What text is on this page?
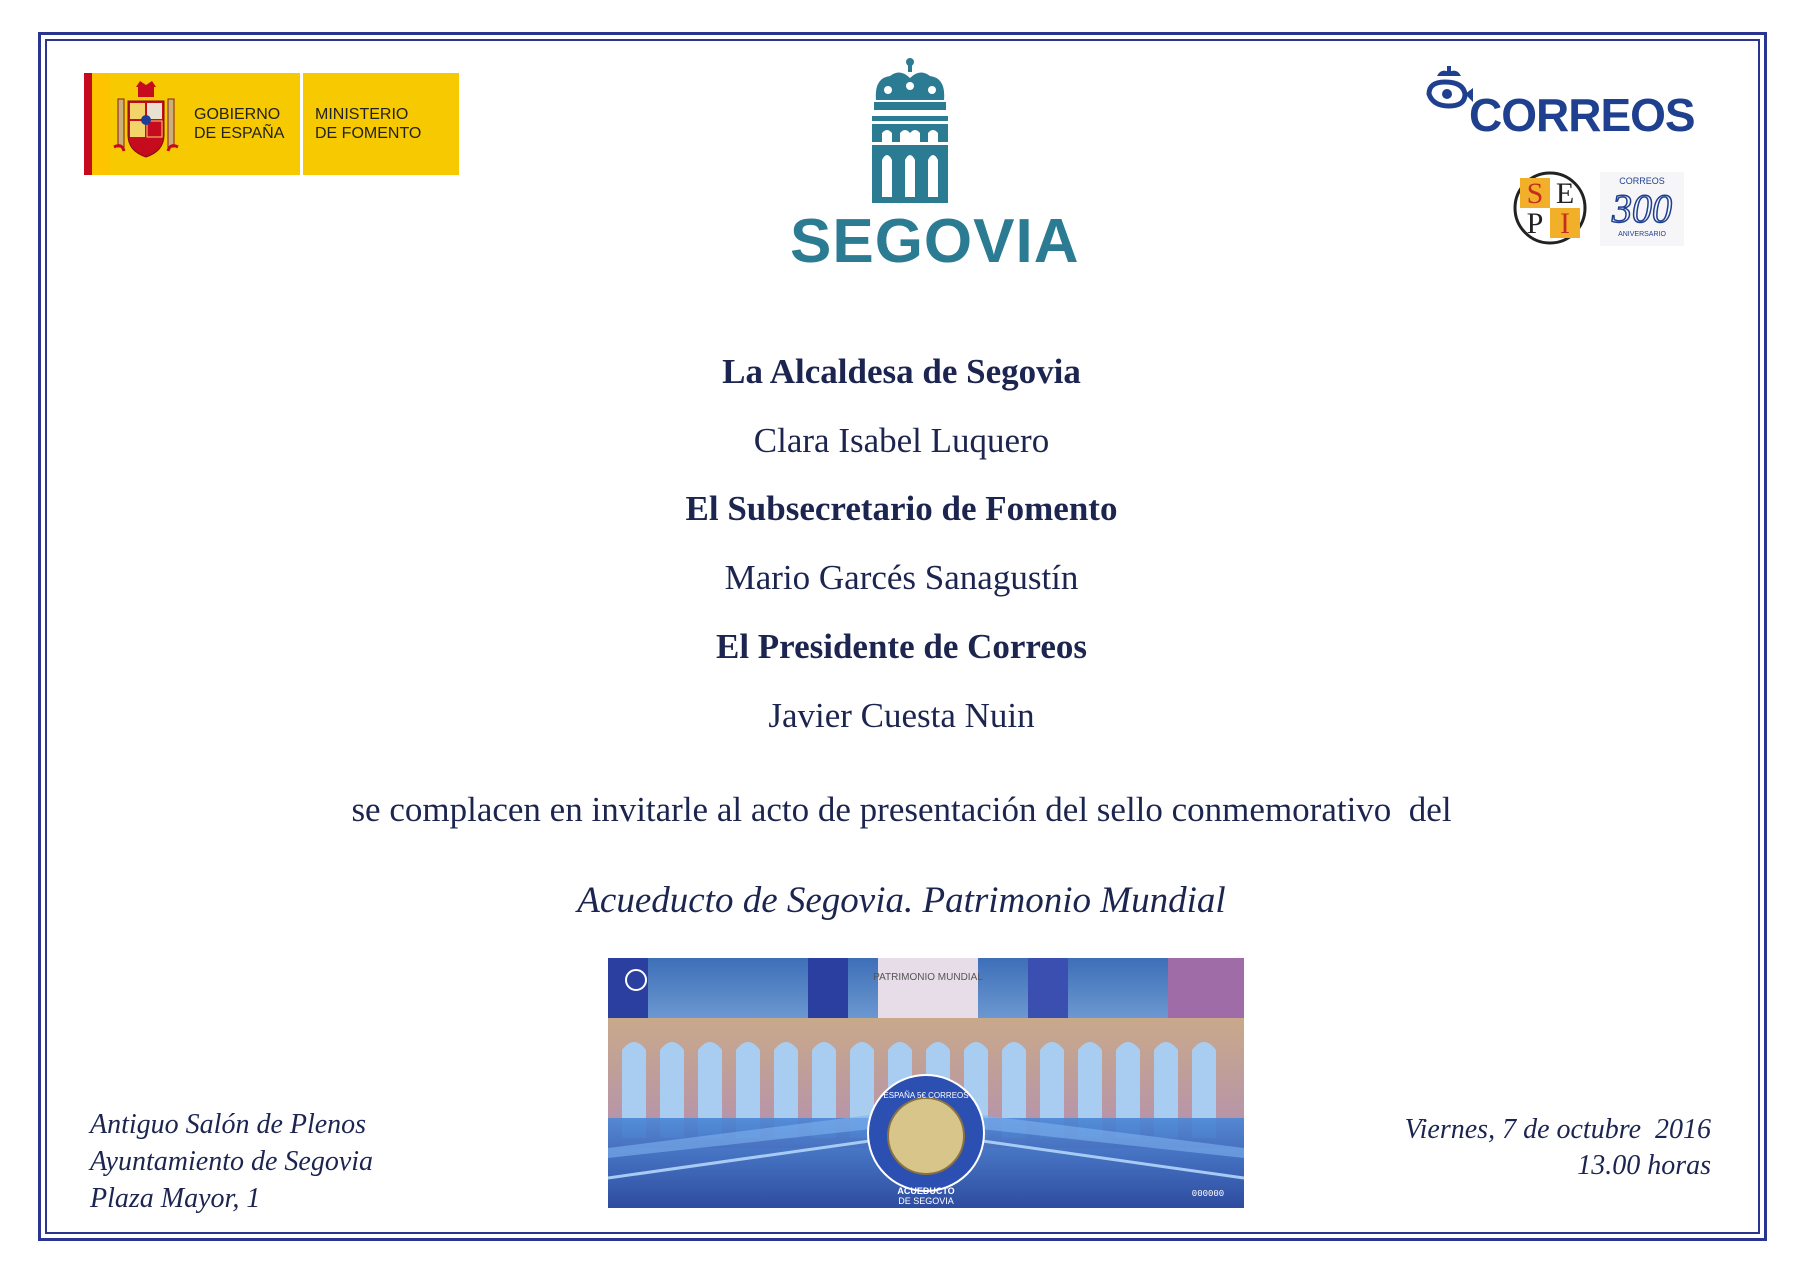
GOBIERNO
DE ESPAÑA
MINISTERIO
DE FOMENTO
SEGOVIA
CORREOS
S E
P I
CORREOS
300
ANIVERSARIO
La Alcaldesa de Segovia
Clara Isabel Luquero
El Subsecretario de Fomento
Mario Garcés Sanagustín
El Presidente de Correos
Javier Cuesta Nuin
se complacen en invitarle al acto de presentación del sello conmemorativo  del
Acueducto de Segovia. Patrimonio Mundial
PATRIMONIO MUNDIAL
ESPAÑA 5€ CORREOS
ACUEDUCTO
DE SEGOVIA
000000
Antiguo Salón de Plenos
Ayuntamiento de Segovia
Plaza Mayor, 1
Viernes, 7 de octubre  2016
13.00 horas
